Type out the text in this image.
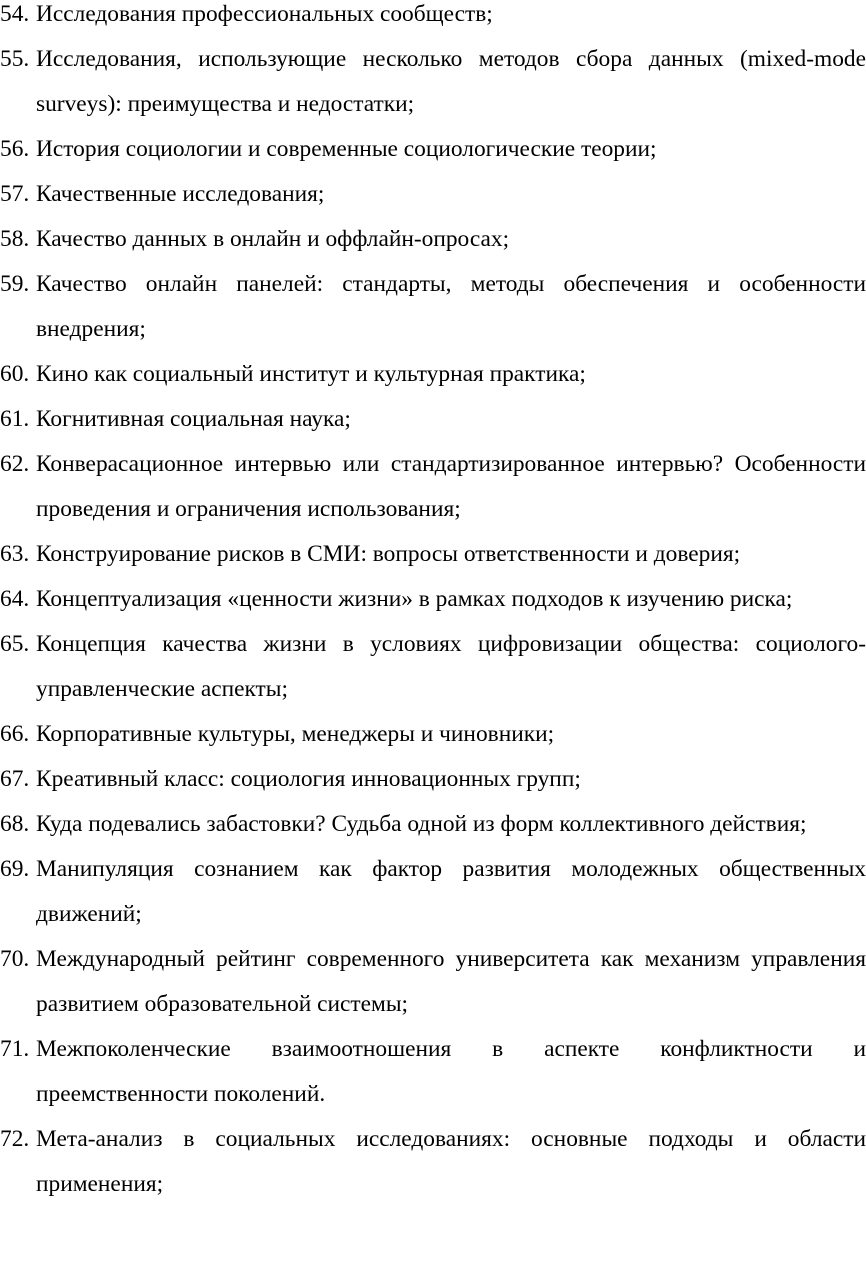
54. Исследования профессиональных сообществ;
55. Исследования, использующие несколько методов сбора данных (mixed-mode surveys): преимущества и недостатки;
56. История социологии и современные социологические теории;
57. Качественные исследования;
58. Качество данных в онлайн и оффлайн-опросах;
59. Качество онлайн панелей: стандарты, методы обеспечения и особенности внедрения;
60. Кино как социальный институт и культурная практика;
61. Когнитивная социальная наука;
62. Конверасационное интервью или стандартизированное интервью? Особенности проведения и ограничения использования;
63. Конструирование рисков в СМИ: вопросы ответственности и доверия;
64. Концептуализация «ценности жизни» в рамках подходов к изучению риска;
65. Концепция качества жизни в условиях цифровизации общества: социолого-управленческие аспекты;
66. Корпоративные культуры, менеджеры и чиновники;
67. Креативный класс: социология инновационных групп;
68. Куда подевались забастовки? Судьба одной из форм коллективного действия;
69. Манипуляция сознанием как фактор развития молодежных общественных движений;
70. Международный рейтинг современного университета как механизм управления развитием образовательной системы;
71. Межпоколенческие взаимоотношения в аспекте конфликтности и преемственности поколений.
72. Мета-анализ в социальных исследованиях: основные подходы и области применения;
